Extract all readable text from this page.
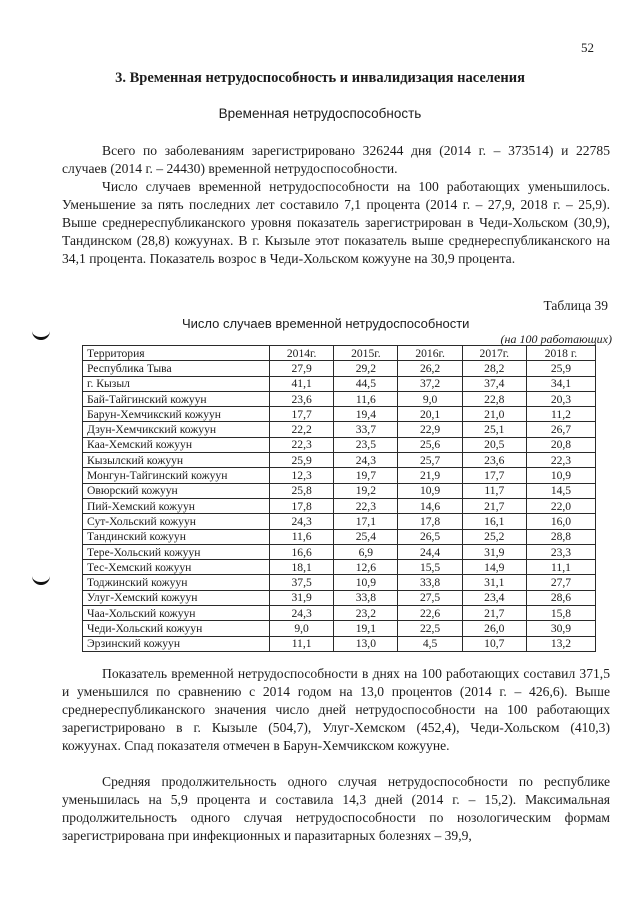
52
3. Временная нетрудоспособность и инвалидизация населения
Временная нетрудоспособность

Всего по заболеваниям зарегистрировано 326244 дня (2014 г. – 373514) и 22785 случаев (2014 г. – 24430) временной нетрудоспособности.

Число случаев временной нетрудоспособности на 100 работающих уменьшилось. Уменьшение за пять последних лет составило 7,1 процента (2014 г. – 27,9, 2018 г. – 25,9). Выше среднереспубликанского уровня показатель зарегистрирован в Чеди-Хольском (30,9), Тандинском (28,8) кожуунах. В г. Кызыле этот показатель выше среднереспубликанского на 34,1 процента. Показатель возрос в Чеди-Хольском кожууне на 30,9 процента.

Таблица 39
Число случаев временной нетрудоспособности
(на 100 работающих)
Территория	2014г.	2015г.	2016г.	2017г.	2018 г.
Республика Тыва	27,9	29,2	26,2	28,2	25,9
г. Кызыл	41,1	44,5	37,2	37,4	34,1
Бай-Тайгинский кожуун	23,6	11,6	9,0	22,8	20,3
Барун-Хемчикский кожуун	17,7	19,4	20,1	21,0	11,2
Дзун-Хемчикский кожуун	22,2	33,7	22,9	25,1	26,7
Каа-Хемский кожуун	22,3	23,5	25,6	20,5	20,8
Кызылский кожуун	25,9	24,3	25,7	23,6	22,3
Монгун-Тайгинский кожуун	12,3	19,7	21,9	17,7	10,9
Овюрский кожуун	25,8	19,2	10,9	11,7	14,5
Пий-Хемский кожуун	17,8	22,3	14,6	21,7	22,0
Сут-Хольский кожуун	24,3	17,1	17,8	16,1	16,0
Тандинский кожуун	11,6	25,4	26,5	25,2	28,8
Тере-Хольский кожуун	16,6	6,9	24,4	31,9	23,3
Тес-Хемский кожуун	18,1	12,6	15,5	14,9	11,1
Тоджинский кожуун	37,5	10,9	33,8	31,1	27,7
Улуг-Хемский кожуун	31,9	33,8	27,5	23,4	28,6
Чаа-Хольский кожуун	24,3	23,2	22,6	21,7	15,8
Чеди-Хольский кожуун	9,0	19,1	22,5	26,0	30,9
Эрзинский кожуун	11,1	13,0	4,5	10,7	13,2

Показатель временной нетрудоспособности в днях на 100 работающих составил 371,5 и уменьшился по сравнению с 2014 годом на 13,0 процентов (2014 г. – 426,6). Выше среднереспубликанского значения число дней нетрудоспособности на 100 работающих зарегистрировано в г. Кызыле (504,7), Улуг-Хемском (452,4), Чеди-Хольском (410,3) кожуунах. Спад показателя отмечен в Барун-Хемчикском кожууне.

Средняя продолжительность одного случая нетрудоспособности по республике уменьшилась на 5,9 процента и составила 14,3 дней (2014 г. – 15,2). Максимальная продолжительность одного случая нетрудоспособности по нозологическим формам зарегистрирована при инфекционных и паразитарных болезнях – 39,9,
